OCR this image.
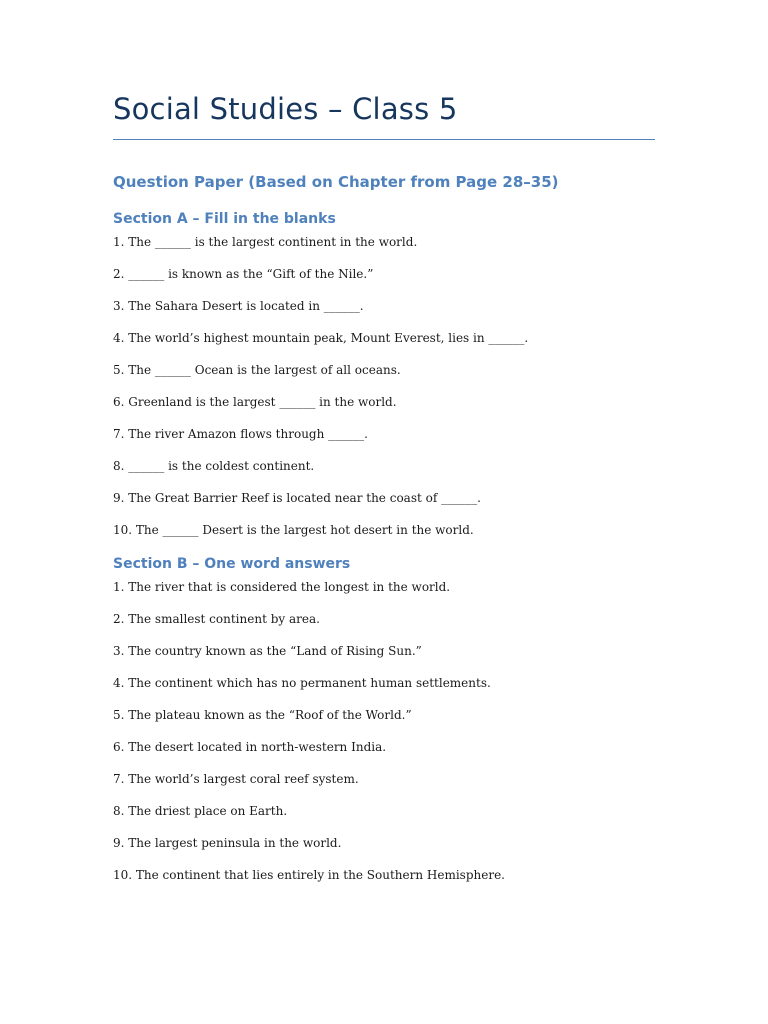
Social Studies – Class 5
Question Paper (Based on Chapter from Page 28–35)
Section A – Fill in the blanks
1. The ______ is the largest continent in the world.
2. ______ is known as the “Gift of the Nile.”
3. The Sahara Desert is located in ______.
4. The world’s highest mountain peak, Mount Everest, lies in ______.
5. The ______ Ocean is the largest of all oceans.
6. Greenland is the largest ______ in the world.
7. The river Amazon flows through ______.
8. ______ is the coldest continent.
9. The Great Barrier Reef is located near the coast of ______.
10. The ______ Desert is the largest hot desert in the world.
Section B – One word answers
1. The river that is considered the longest in the world.
2. The smallest continent by area.
3. The country known as the “Land of Rising Sun.”
4. The continent which has no permanent human settlements.
5. The plateau known as the “Roof of the World.”
6. The desert located in north-western India.
7. The world’s largest coral reef system.
8. The driest place on Earth.
9. The largest peninsula in the world.
10. The continent that lies entirely in the Southern Hemisphere.
